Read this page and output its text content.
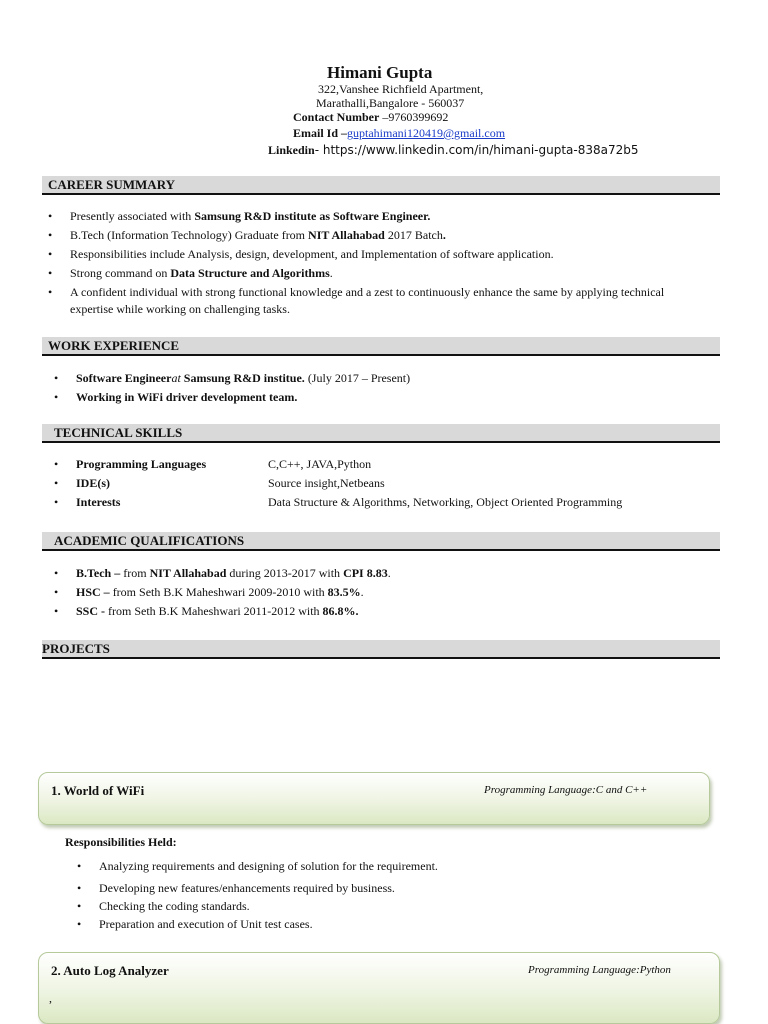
Himani Gupta
322,Vanshee Richfield Apartment,
Marathalli,Bangalore - 560037
Contact Number –9760399692
Email Id –guptahimani120419@gmail.com
Linkedin- https://www.linkedin.com/in/himani-gupta-838a72b5
CAREER SUMMARY
• Presently associated with Samsung R&D institute as Software Engineer.
• B.Tech (Information Technology) Graduate from NIT Allahabad 2017 Batch.
• Responsibilities include Analysis, design, development, and Implementation of software application.
• Strong command on Data Structure and Algorithms.
• A confident individual with strong functional knowledge and a zest to continuously enhance the same by applying technical
expertise while working on challenging tasks.
WORK EXPERIENCE
• Software Engineerat Samsung R&D institue. (July 2017 – Present)
• Working in WiFi driver development team.
TECHNICAL SKILLS
• Programming Languages	C,C++, JAVA,Python
• IDE(s)	Source insight,Netbeans
• Interests	Data Structure & Algorithms, Networking, Object Oriented Programming
ACADEMIC QUALIFICATIONS
• B.Tech – from NIT Allahabad during 2013-2017 with CPI 8.83.
• HSC – from Seth B.K Maheshwari 2009-2010 with 83.5%.
• SSC - from Seth B.K Maheshwari 2011-2012 with 86.8%.
PROJECTS
1. World of WiFi	Programming Language:C and C++
Responsibilities Held:
• Analyzing requirements and designing of solution for the requirement.
• Developing new features/enhancements required by business.
• Checking the coding standards.
• Preparation and execution of Unit test cases.
2. Auto Log Analyzer	Programming Language:Python
,
